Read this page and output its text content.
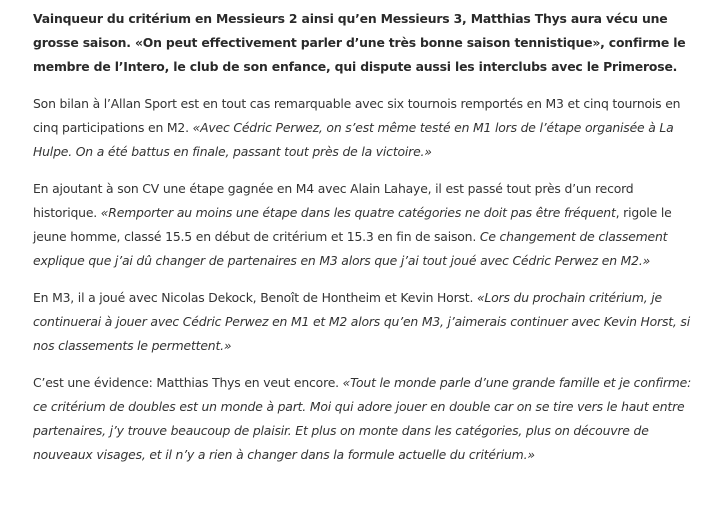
Vainqueur du critérium en Messieurs 2 ainsi qu’en Messieurs 3, Matthias Thys aura vécu une grosse saison. «On peut effectivement parler d’une très bonne saison tennistique», confirme le membre de l’Intero, le club de son enfance, qui dispute aussi les interclubs avec le Primerose.

Son bilan à l’Allan Sport est en tout cas remarquable avec six tournois remportés en M3 et cinq tournois en cinq participations en M2. «Avec Cédric Perwez, on s’est même testé en M1 lors de l’étape organisée à La Hulpe. On a été battus en finale, passant tout près de la victoire.»

En ajoutant à son CV une étape gagnée en M4 avec Alain Lahaye, il est passé tout près d’un record historique. «Remporter au moins une étape dans les quatre catégories ne doit pas être fréquent, rigole le jeune homme, classé 15.5 en début de critérium et 15.3 en fin de saison. Ce changement de classement explique que j’ai dû changer de partenaires en M3 alors que j’ai tout joué avec Cédric Perwez en M2.»

En M3, il a joué avec Nicolas Dekock, Benoît de Hontheim et Kevin Horst. «Lors du prochain critérium, je continuerai à jouer avec Cédric Perwez en M1 et M2 alors qu’en M3, j’aimerais continuer avec Kevin Horst, si nos classements le permettent.»

C’est une évidence: Matthias Thys en veut encore. «Tout le monde parle d’une grande famille et je confirme: ce critérium de doubles est un monde à part. Moi qui adore jouer en double car on se tire vers le haut entre partenaires, j’y trouve beaucoup de plaisir. Et plus on monte dans les catégories, plus on découvre de nouveaux visages, et il n’y a rien à changer dans la formule actuelle du critérium.»
